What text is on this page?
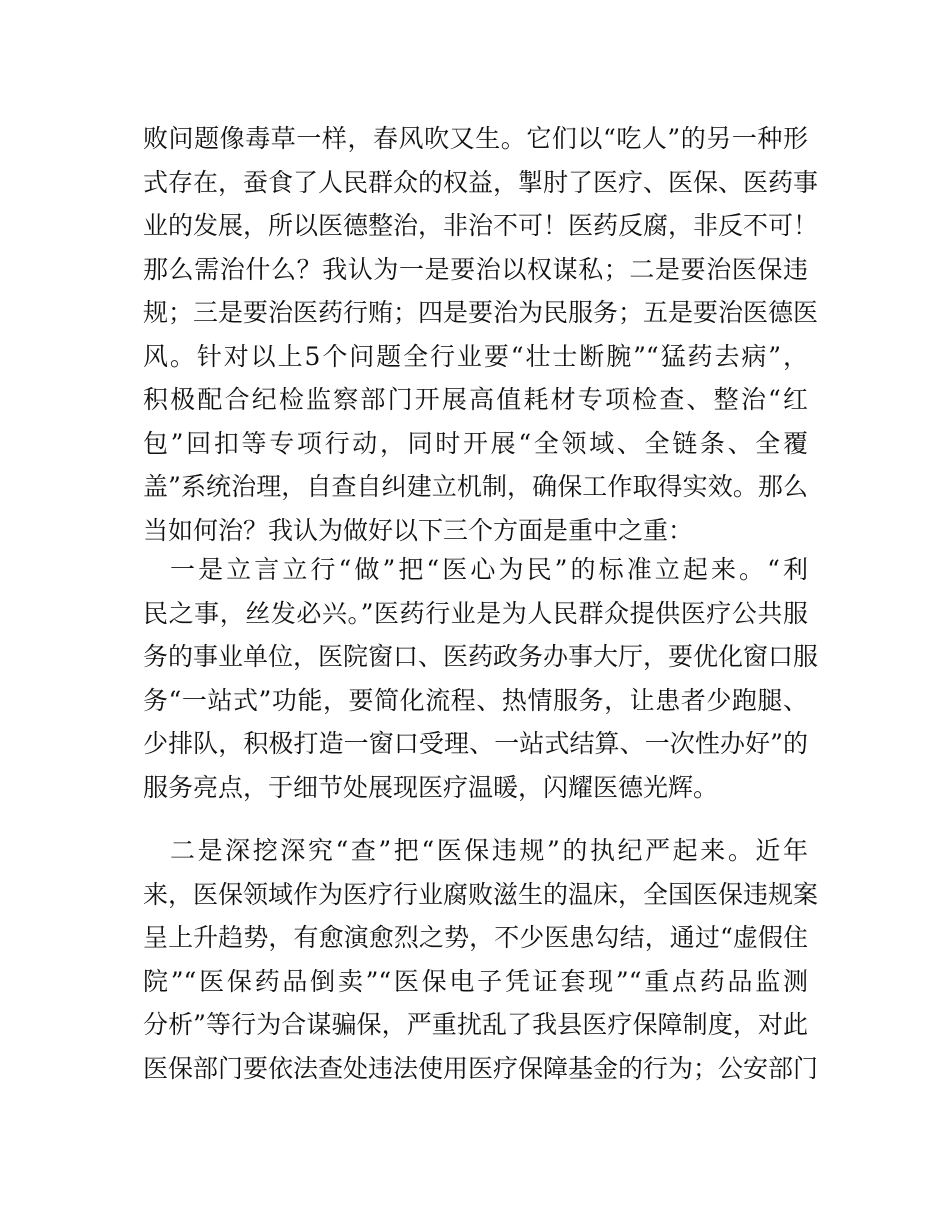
败问题像毒草一样，春风吹又生。它们以“吃人”的另一种形
式存在，蚕食了人民群众的权益，掣肘了医疗、医保、医药事
业的发展，所以医德整治，非治不可！医药反腐，非反不可！
那么需治什么？我认为一是要治以权谋私；二是要治医保违
规；三是要治医药行贿；四是要治为民服务；五是要治医德医
风。针对以上5个问题全行业要“壮士断腕”“猛药去病”，
积极配合纪检监察部门开展高值耗材专项检查、整治“红
包”回扣等专项行动，同时开展“全领域、全链条、全覆
盖”系统治理，自查自纠建立机制，确保工作取得实效。那么
当如何治？我认为做好以下三个方面是重中之重：
一是立言立行“做”把“医心为民”的标准立起来。“利
民之事，丝发必兴。”医药行业是为人民群众提供医疗公共服
务的事业单位，医院窗口、医药政务办事大厅，要优化窗口服
务“一站式”功能，要简化流程、热情服务，让患者少跑腿、
少排队，积极打造一窗口受理、一站式结算、一次性办好”的
服务亮点，于细节处展现医疗温暖，闪耀医德光辉。
二是深挖深究“查”把“医保违规”的执纪严起来。近年
来，医保领域作为医疗行业腐败滋生的温床，全国医保违规案
呈上升趋势，有愈演愈烈之势，不少医患勾结，通过“虚假住
院”“医保药品倒卖”“医保电子凭证套现”“重点药品监测
分析”等行为合谋骗保，严重扰乱了我县医疗保障制度，对此
医保部门要依法查处违法使用医疗保障基金的行为；公安部门
